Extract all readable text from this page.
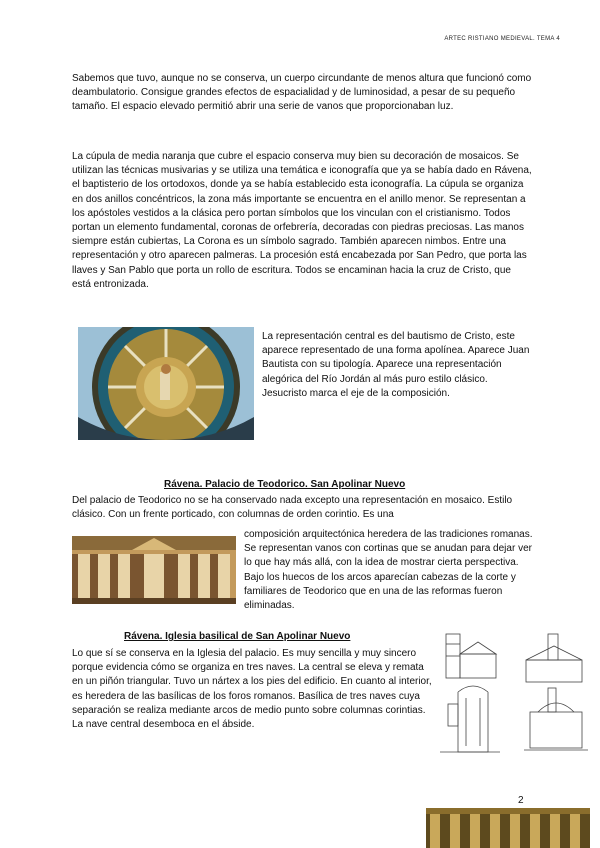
ARTEC RISTIANO MEDIEVAL. TEMA 4

Sabemos que tuvo, aunque no se conserva, un cuerpo circundante de menos altura que funcionó como deambulatorio. Consigue grandes efectos de espacialidad y de luminosidad, a pesar de su pequeño tamaño. El espacio elevado permitió abrir una serie de vanos que proporcionaban luz.

La cúpula de media naranja que cubre el espacio conserva muy bien su decoración de mosaicos. Se utilizan las técnicas musivarias y se utiliza una temática e iconografía que ya se había dado en Rávena, el baptisterio de los ortodoxos, donde ya se había establecido esta iconografía. La cúpula se organiza en dos anillos concéntricos, la zona más importante se encuentra en el anillo menor. Se representan a los apóstoles vestidos a la clásica pero portan símbolos que los vinculan con el cristianismo. Todos portan un elemento fundamental, coronas de orfebrería, decoradas con piedras preciosas. Las manos siempre están cubiertas, La Corona es un símbolo sagrado. También aparecen nimbos. Entre una representación y otro aparecen palmeras. La procesión está encabezada por San Pedro, que porta las llaves y San Pablo que porta un rollo de escritura. Todos se encaminan hacia la cruz de Cristo, que está entronizada.

La representación central es del bautismo de Cristo, este aparece representado de una forma apolínea. Aparece Juan Bautista con su tipología. Aparece una representación alegórica del Río Jordán al más puro estilo clásico. Jesucristo marca el eje de la composición.

Rávena. Palacio de Teodorico. San Apolinar Nuevo

Del palacio de Teodorico no se ha conservado nada excepto una representación en mosaico. Estilo clásico. Con un frente porticado, con columnas de orden corintio. Es una

composición arquitectónica heredera de las tradiciones romanas. Se representan vanos con cortinas que se anudan para dejar ver lo que hay más allá, con la idea de mostrar cierta perspectiva. Bajo los huecos de los arcos aparecían cabezas de la corte y familiares de Teodorico que en una de las reformas fueron eliminadas.

Rávena. Iglesia basilical de San Apolinar Nuevo

Lo que sí se conserva en la Iglesia del palacio. Es muy sencilla y muy sincero porque evidencia cómo se organiza en tres naves. La central se eleva y remata en un piñón triangular. Tuvo un nártex a los pies del edificio. En cuanto al interior, es heredera de las basílicas de los foros romanos. Basílica de tres naves cuya separación se realiza mediante arcos de medio punto sobre columnas corintias. La nave central desemboca en el ábside.

2
